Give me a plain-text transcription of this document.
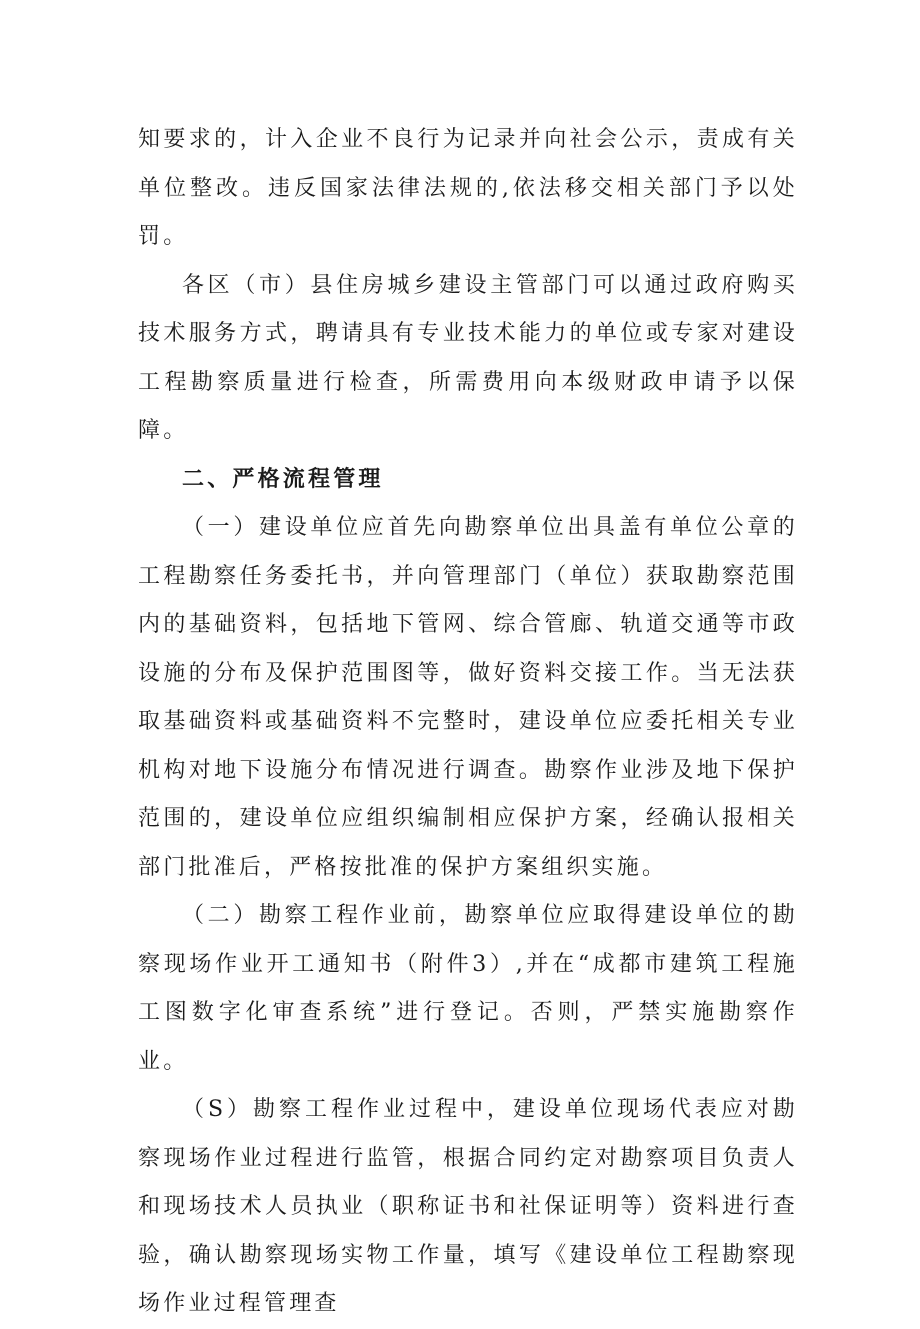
知要求的，计入企业不良行为记录并向社会公示，责成有关单位整改。违反国家法律法规的,依法移交相关部门予以处罚。

各区（市）县住房城乡建设主管部门可以通过政府购买技术服务方式，聘请具有专业技术能力的单位或专家对建设工程勘察质量进行检查，所需费用向本级财政申请予以保障。

二、严格流程管理

（一）建设单位应首先向勘察单位出具盖有单位公章的工程勘察任务委托书，并向管理部门（单位）获取勘察范围内的基础资料，包括地下管网、综合管廊、轨道交通等市政设施的分布及保护范围图等，做好资料交接工作。当无法获取基础资料或基础资料不完整时，建设单位应委托相关专业机构对地下设施分布情况进行调查。勘察作业涉及地下保护范围的，建设单位应组织编制相应保护方案，经确认报相关部门批准后，严格按批准的保护方案组织实施。

（二）勘察工程作业前，勘察单位应取得建设单位的勘察现场作业开工通知书（附件3）,并在“成都市建筑工程施工图数字化审查系统”进行登记。否则，严禁实施勘察作业。

（S）勘察工程作业过程中，建设单位现场代表应对勘察现场作业过程进行监管，根据合同约定对勘察项目负责人和现场技术人员执业（职称证书和社保证明等）资料进行查验，确认勘察现场实物工作量，填写《建设单位工程勘察现场作业过程管理查
